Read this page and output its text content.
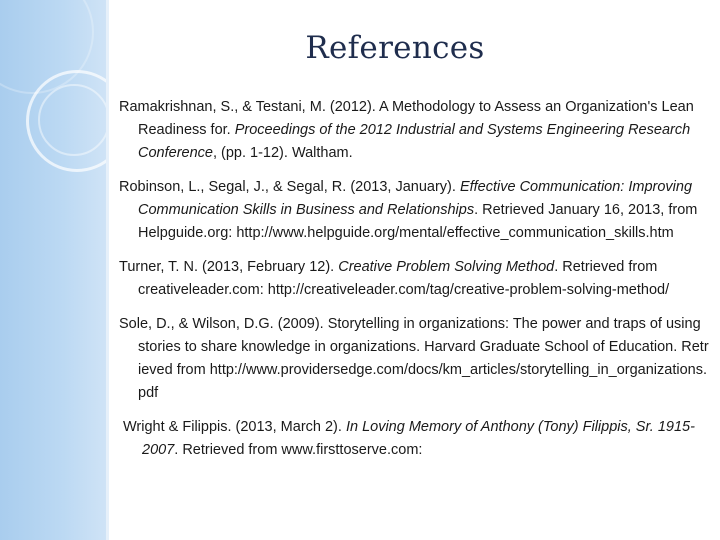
References

Ramakrishnan, S., & Testani, M. (2012). A Methodology to Assess an Organization's Lean Readiness for. Proceedings of the 2012 Industrial and Systems Engineering Research Conference, (pp. 1-12). Waltham.

Robinson, L., Segal, J., & Segal, R. (2013, January). Effective Communication: Improving Communication Skills in Business and Relationships. Retrieved January 16, 2013, from Helpguide.org: http://www.helpguide.org/mental/effective_communication_skills.htm

Turner, T. N. (2013, February 12). Creative Problem Solving Method. Retrieved from creativeleader.com: http://creativeleader.com/tag/creative-problem-solving-method/

Sole, D., & Wilson, D.G. (2009). Storytelling in organizations: The power and traps of using stories to share knowledge in organizations. Harvard Graduate School of Education. Retrieved from http://www.providersedge.com/docs/km_articles/storytelling_in_organizations.pdf

Wright & Filippis. (2013, March 2). In Loving Memory of Anthony (Tony) Filippis, Sr. 1915-2007. Retrieved from www.firsttoserve.com:
